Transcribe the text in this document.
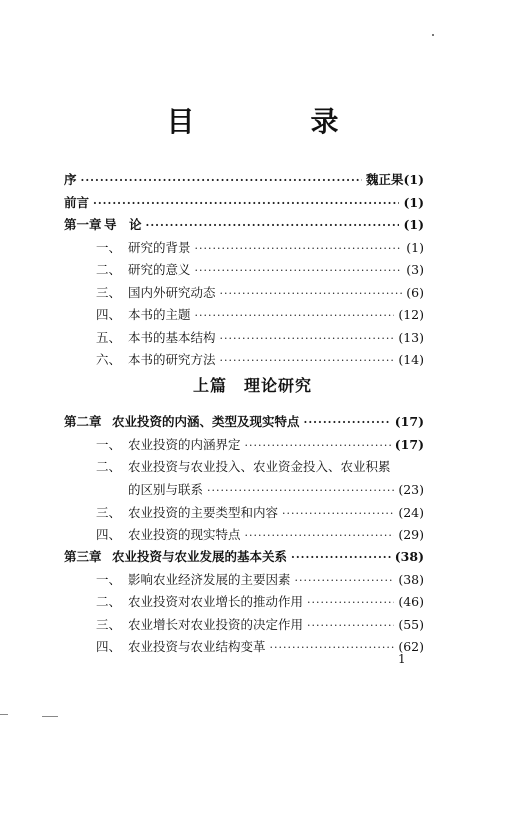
目　录
序 ·····	魏正果(1)
前言 ·····	(1)
第一章 导　论 ·····	(1)
一、 研究的背景 ·····	(1)
二、 研究的意义 ·····	(3)
三、 国内外研究动态 ·····	(6)
四、 本书的主题 ·····	(12)
五、 本书的基本结构 ·····	(13)
六、 本书的研究方法 ·····	(14)
上篇　理论研究
第二章 农业投资的内涵、类型及现实特点 ·····	(17)
一、 农业投资的内涵界定 ·····	(17)
二、 农业投资与农业投入、农业资金投入、农业积累
的区别与联系 ·····	(23)
三、 农业投资的主要类型和内容 ·····	(24)
四、 农业投资的现实特点 ·····	(29)
第三章 农业投资与农业发展的基本关系 ·····	(38)
一、 影响农业经济发展的主要因素 ·····	(38)
二、 农业投资对农业增长的推动作用 ·····	(46)
三、 农业增长对农业投资的决定作用 ·····	(55)
四、 农业投资与农业结构变革 ·····	(62)
1
